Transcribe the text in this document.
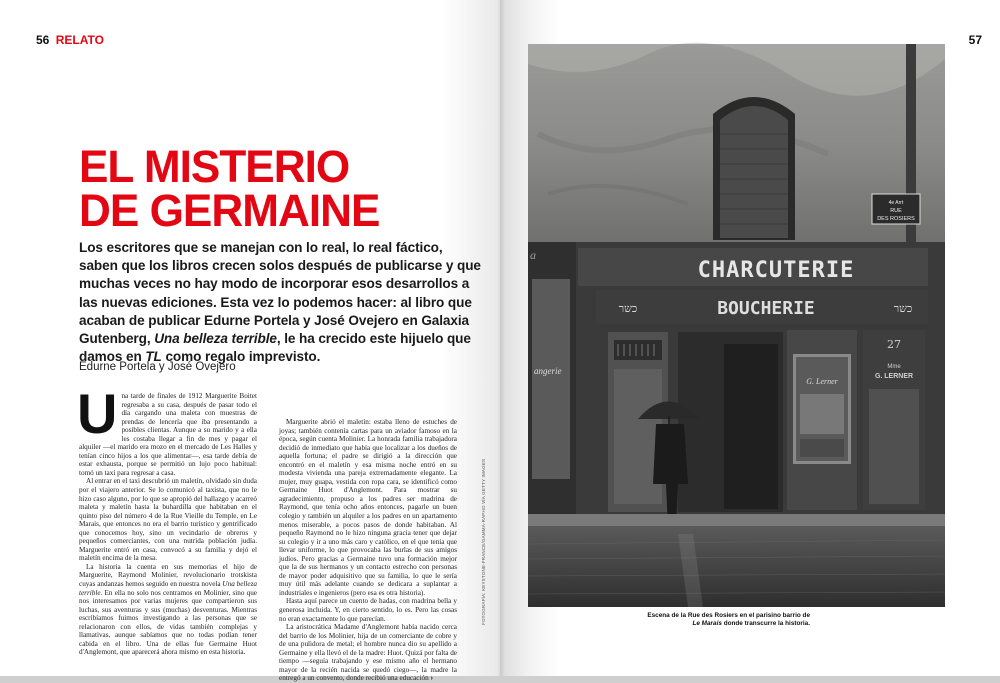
56 RELATO
EL MISTERIO
DE GERMAINE

Los escritores que se manejan con lo real, lo real fáctico, saben que los libros crecen solos después de publicarse y que muchas veces no hay modo de incorporar esos desarrollos a las nuevas ediciones. Esta vez lo podemos hacer: al libro que acaban de publicar Edurne Portela y José Ovejero en Galaxia Gutenberg, Una belleza terrible, le ha crecido este hijuelo que damos en TL como regalo imprevisto.

Edurne Portela y José Ovejero

Una tarde de finales de 1912 Marguerite Boitet regresaba a su casa, después de pasar todo el día cargando una maleta con muestras de prendas de lencería que iba presentando a posibles clientas. Aunque a su marido y a ella les costaba llegar a fin de mes y pagar el alquiler —el marido era mozo en el mercado de Les Halles y tenían cinco hijos a los que alimentar—, esa tarde debía de estar exhausta, porque se permitió un lujo poco habitual: tomó un taxi para regresar a casa.

Al entrar en el taxi descubrió un maletín, olvidado sin duda por el viajero anterior. Se lo comunicó al taxista, que no le hizo caso alguno, por lo que se apropió del hallazgo y acarreó maleta y maletín hasta la buhardilla que habitaban en el quinto piso del número 4 de la Rue Vieille du Temple, en Le Marais, que entonces no era el barrio turístico y gentrificado que conocemos hoy, sino un vecindario de obreros y pequeños comerciantes, con una nutrida población judía. Marguerite entró en casa, convocó a su familia y dejó el maletín encima de la mesa.

La historia la cuenta en sus memorias el hijo de Marguerite, Raymond Molinier, revolucionario trotskista cuyas andanzas hemos seguido en nuestra novela Una belleza terrible. En ella no solo nos centramos en Molinier, sino que nos interesamos por varias mujeres que compartieron sus luchas, sus aventuras y sus (muchas) desventuras. Mientras escribíamos fuimos investigando a las personas que se relacionaron con ellos, de vidas también complejas y llamativas, aunque sabíamos que no todas podían tener cabida en el libro. Una de ellas fue Germaine Huot d'Anglemont, que aparecerá ahora mismo en esta historia.

Marguerite abrió el maletín: estaba lleno de estuches de joyas; también contenía cartas para un aviador famoso en la época, según cuenta Molinier. La honrada familia trabajadora decidió de inmediato que había que localizar a los dueños de aquella fortuna; el padre se dirigió a la dirección que encontró en el maletín y esa misma noche entró en su modesta vivienda una pareja extremadamente elegante. La mujer, muy guapa, vestida con ropa cara, se identificó como Germaine Huot d'Anglemont. Para mostrar su agradecimiento, propuso a los padres ser madrina de Raymond, que tenía ocho años entonces, pagarle un buen colegio y también un alquiler a los padres en un apartamento menos miserable, a pocos pasos de donde habitaban. Al pequeño Raymond no le hizo ninguna gracia tener que dejar su colegio y ir a uno más caro y católico, en el que tenía que llevar uniforme, lo que provocaba las burlas de sus amigos judíos. Pero gracias a Germaine tuvo una formación mejor que la de sus hermanos y un contacto estrecho con personas de mayor poder adquisitivo que su familia, lo que le sería muy útil más adelante cuando se dedicara a suplantar a industriales e ingenieros (pero esa es otra historia).

Hasta aquí parece un cuento de hadas, con madrina bella y generosa incluida. Y, en cierto sentido, lo es. Pero las cosas no eran exactamente lo que parecían.

La aristocrática Madame d'Anglemont había nacido cerca del barrio de los Molinier, hija de un comerciante de cobre y de una pulidora de metal; el hombre nunca dio su apellido a Germaine y ella llevó el de la madre: Huot. Quizá por falta de tiempo —seguía trabajando y ese mismo año el hermano mayor de la recién nacida se quedó ciego—, la madre la entregó a un convento, donde recibió una educación ›

57
4e Arrt
RUE
DES ROSIERS
a
angerie
CHARCUTERIE
כשר	BOUCHERIE	כשר
G. Lerner
27
Mme
G. LERNER
FOTOGRAFÍA: KEYSTONE-FRANCE/GAMMA-RAPHO VÍA GETTY IMAGES	Escena de la Rue des Rosiers en el parisino barrio de Le Marais donde transcurre la historia.
